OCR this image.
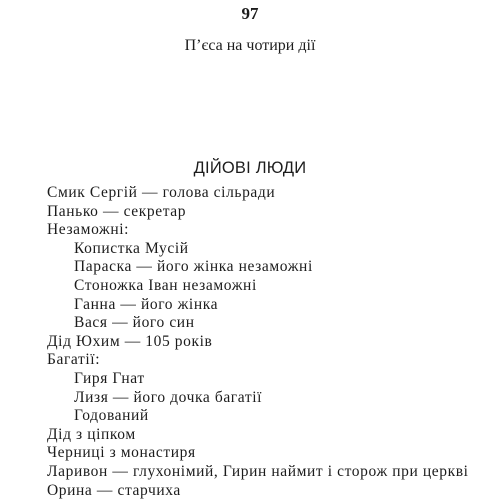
97
П’єса на чотири дії
ДІЙОВІ ЛЮДИ
Смик Сергій — голова сільради
Панько — секретар
Незаможні:
Копистка Мусій
Параска — його жінка незаможні
Стоножка Іван незаможні
Ганна — його жінка
Вася — його син
Дід Юхим — 105 років
Багатії:
Гиря Гнат
Лизя — його дочка багатії
Годований
Дід з ціпком
Черниці з монастиря
Ларивон — глухонімий, Гирин наймит і сторож при церкві
Орина — старчиха
